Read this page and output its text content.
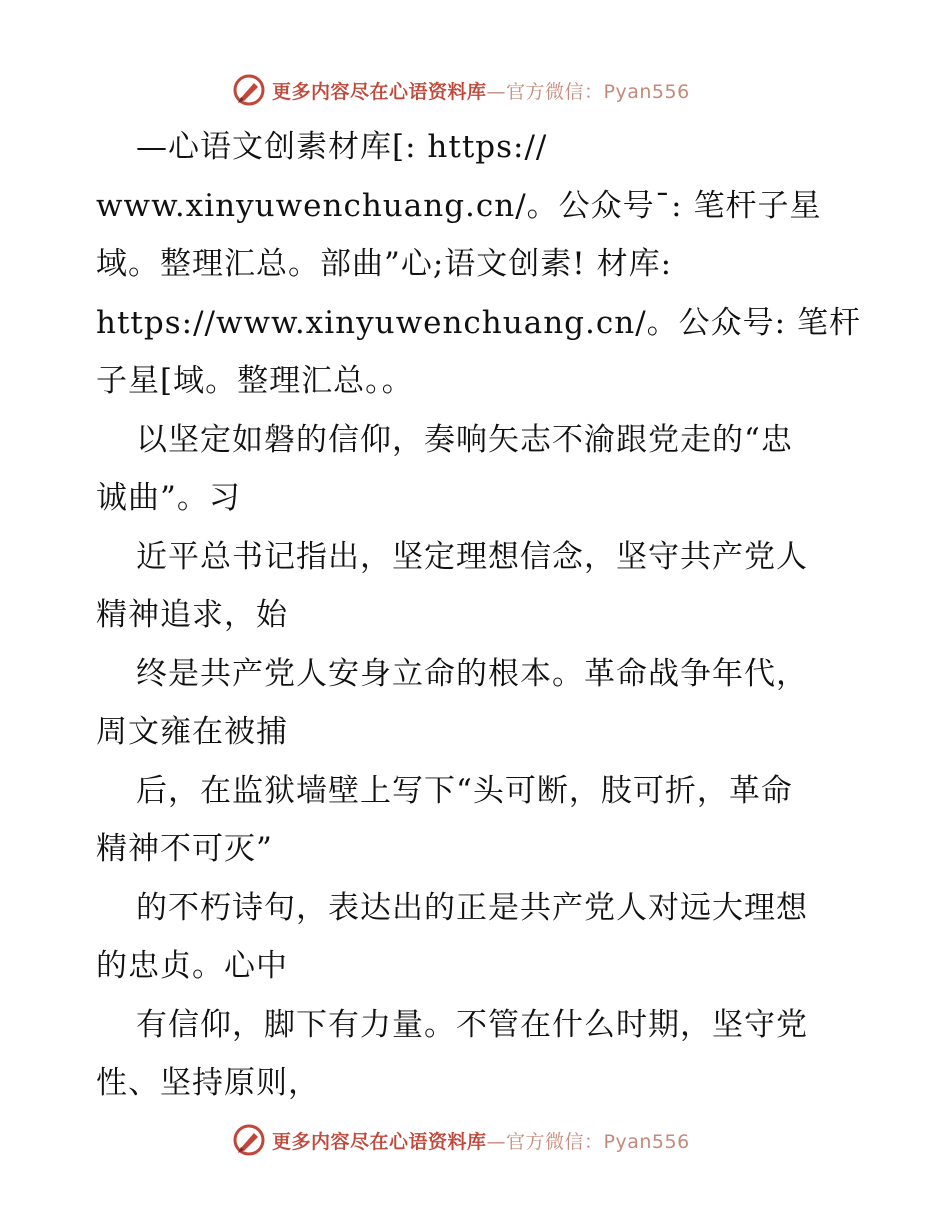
更多内容尽在心语资料库—官方微信：Pyan556
—心语文创素材库[: https://
www.xinyuwenchuang.cn/。公众号¯: 笔杆子星
域。整理汇总。部曲”心;语文创素! 材库:
https://www.xinyuwenchuang.cn/。公众号: 笔杆
子星[域。整理汇总。。
以坚定如磐的信仰，奏响矢志不渝跟党走的“忠
诚曲”。习
近平总书记指出，坚定理想信念，坚守共产党人
精神追求，始
终是共产党人安身立命的根本。革命战争年代，
周文雍在被捕
后，在监狱墙壁上写下“头可断，肢可折，革命
精神不可灭”
的不朽诗句，表达出的正是共产党人对远大理想
的忠贞。心中
有信仰，脚下有力量。不管在什么时期，坚守党
性、坚持原则，
更多内容尽在心语资料库—官方微信：Pyan556
